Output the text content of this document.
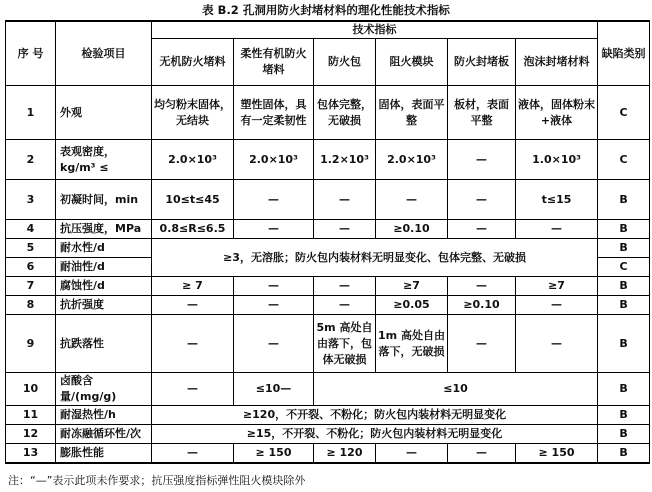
表 B.2 孔洞用防火封堵材料的理化性能技术指标
序 号	检验项目	技术指标						缺陷类别
		无机防火堵料	柔性有机防火堵料	防火包	阻火模块	防火封堵板	泡沫封堵材料	
1	外观	均匀粉末固体，无结块	塑性固体，具有一定柔韧性	包体完整，无破损	固体，表面平整	板材，表面平整	液体，固体粉末+液体	C
2	表观密度，kg/m³ ≤	2.0×10³	2.0×10³	1.2×10³	2.0×10³	—	1.0×10³	C
3	初凝时间，min	10≤t≤45	—	—	—	—	t≤15	B
4	抗压强度，MPa	0.8≤R≤6.5	—	—	≥0.10	—	—	B
5	耐水性/d	≥3，无溶胀；防火包内装材料无明显变化、包体完整、无破损						B
6	耐油性/d							C
7	腐蚀性/d	≥ 7	—	—	≥7	—	≥7	B
8	抗折强度	—	—	—	≥0.05	≥0.10	—	B
9	抗跌落性	—	—	5m 高处自由落下，包体无破损	1m 高处自由落下，无破损	—	—	B
10	卤酸含量/(mg/g)	—	≤10—	≤10				B
11	耐湿热性/h	≥120，不开裂、不粉化；防火包内装材料无明显变化						B
12	耐冻融循环性/次	≥15，不开裂、不粉化；防火包内装材料无明显变化						B
13	膨胀性能	—	≥ 150	≥ 120	—	—	≥ 150	B
注：“—”表示此项未作要求；抗压强度指标弹性阻火模块除外
